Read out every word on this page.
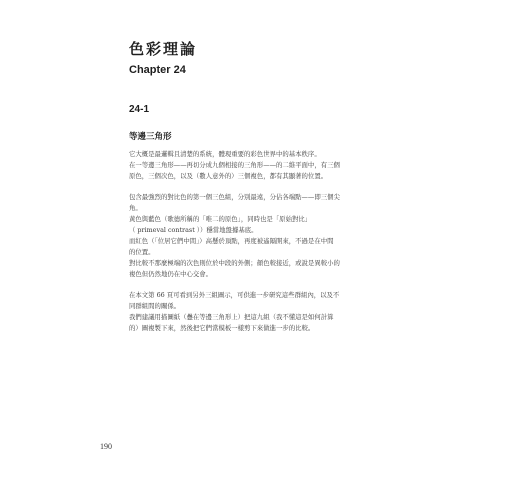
色彩理論
Chapter 24
24-1
等邊三角形
它大概是最邏輯且清楚的系統，體現重要的彩色世界中的基本秩序。
在一等邊三角形——再切分成九個相接的三角形——的二維平面中，有三個
原色，三個次色，以及（數人意外的）三個複色，都有其顯著的位置。
包含最強烈的對比色的第一個三色組，分別最遠，分佔各端點——即三個尖
角。
黃色與藍色（歌德所稱的「唯二的原色」，同時也是「原始對比」
（ primeval contrast ））穩當地盤據基底。
而紅色（「位居它們中間」）高懸於頂點，再度被遙隔開來，不過是在中間
的位置。
對比較不那麼極端的次色則位於中段的外側；顏色較接近，或說是異較小的
複色但仍然地仍在中心交會。
在本文第 66 頁可看到另外三組圖示，可供進一步研究這些群組內，以及不
同群組間的關係。
我們建議用描圖紙（疊在等邊三角形上）把這九組（我不懂這是如何計算
的）圖複製下來，然後把它們當模板一樣剪下來做進一步的比較。
190
